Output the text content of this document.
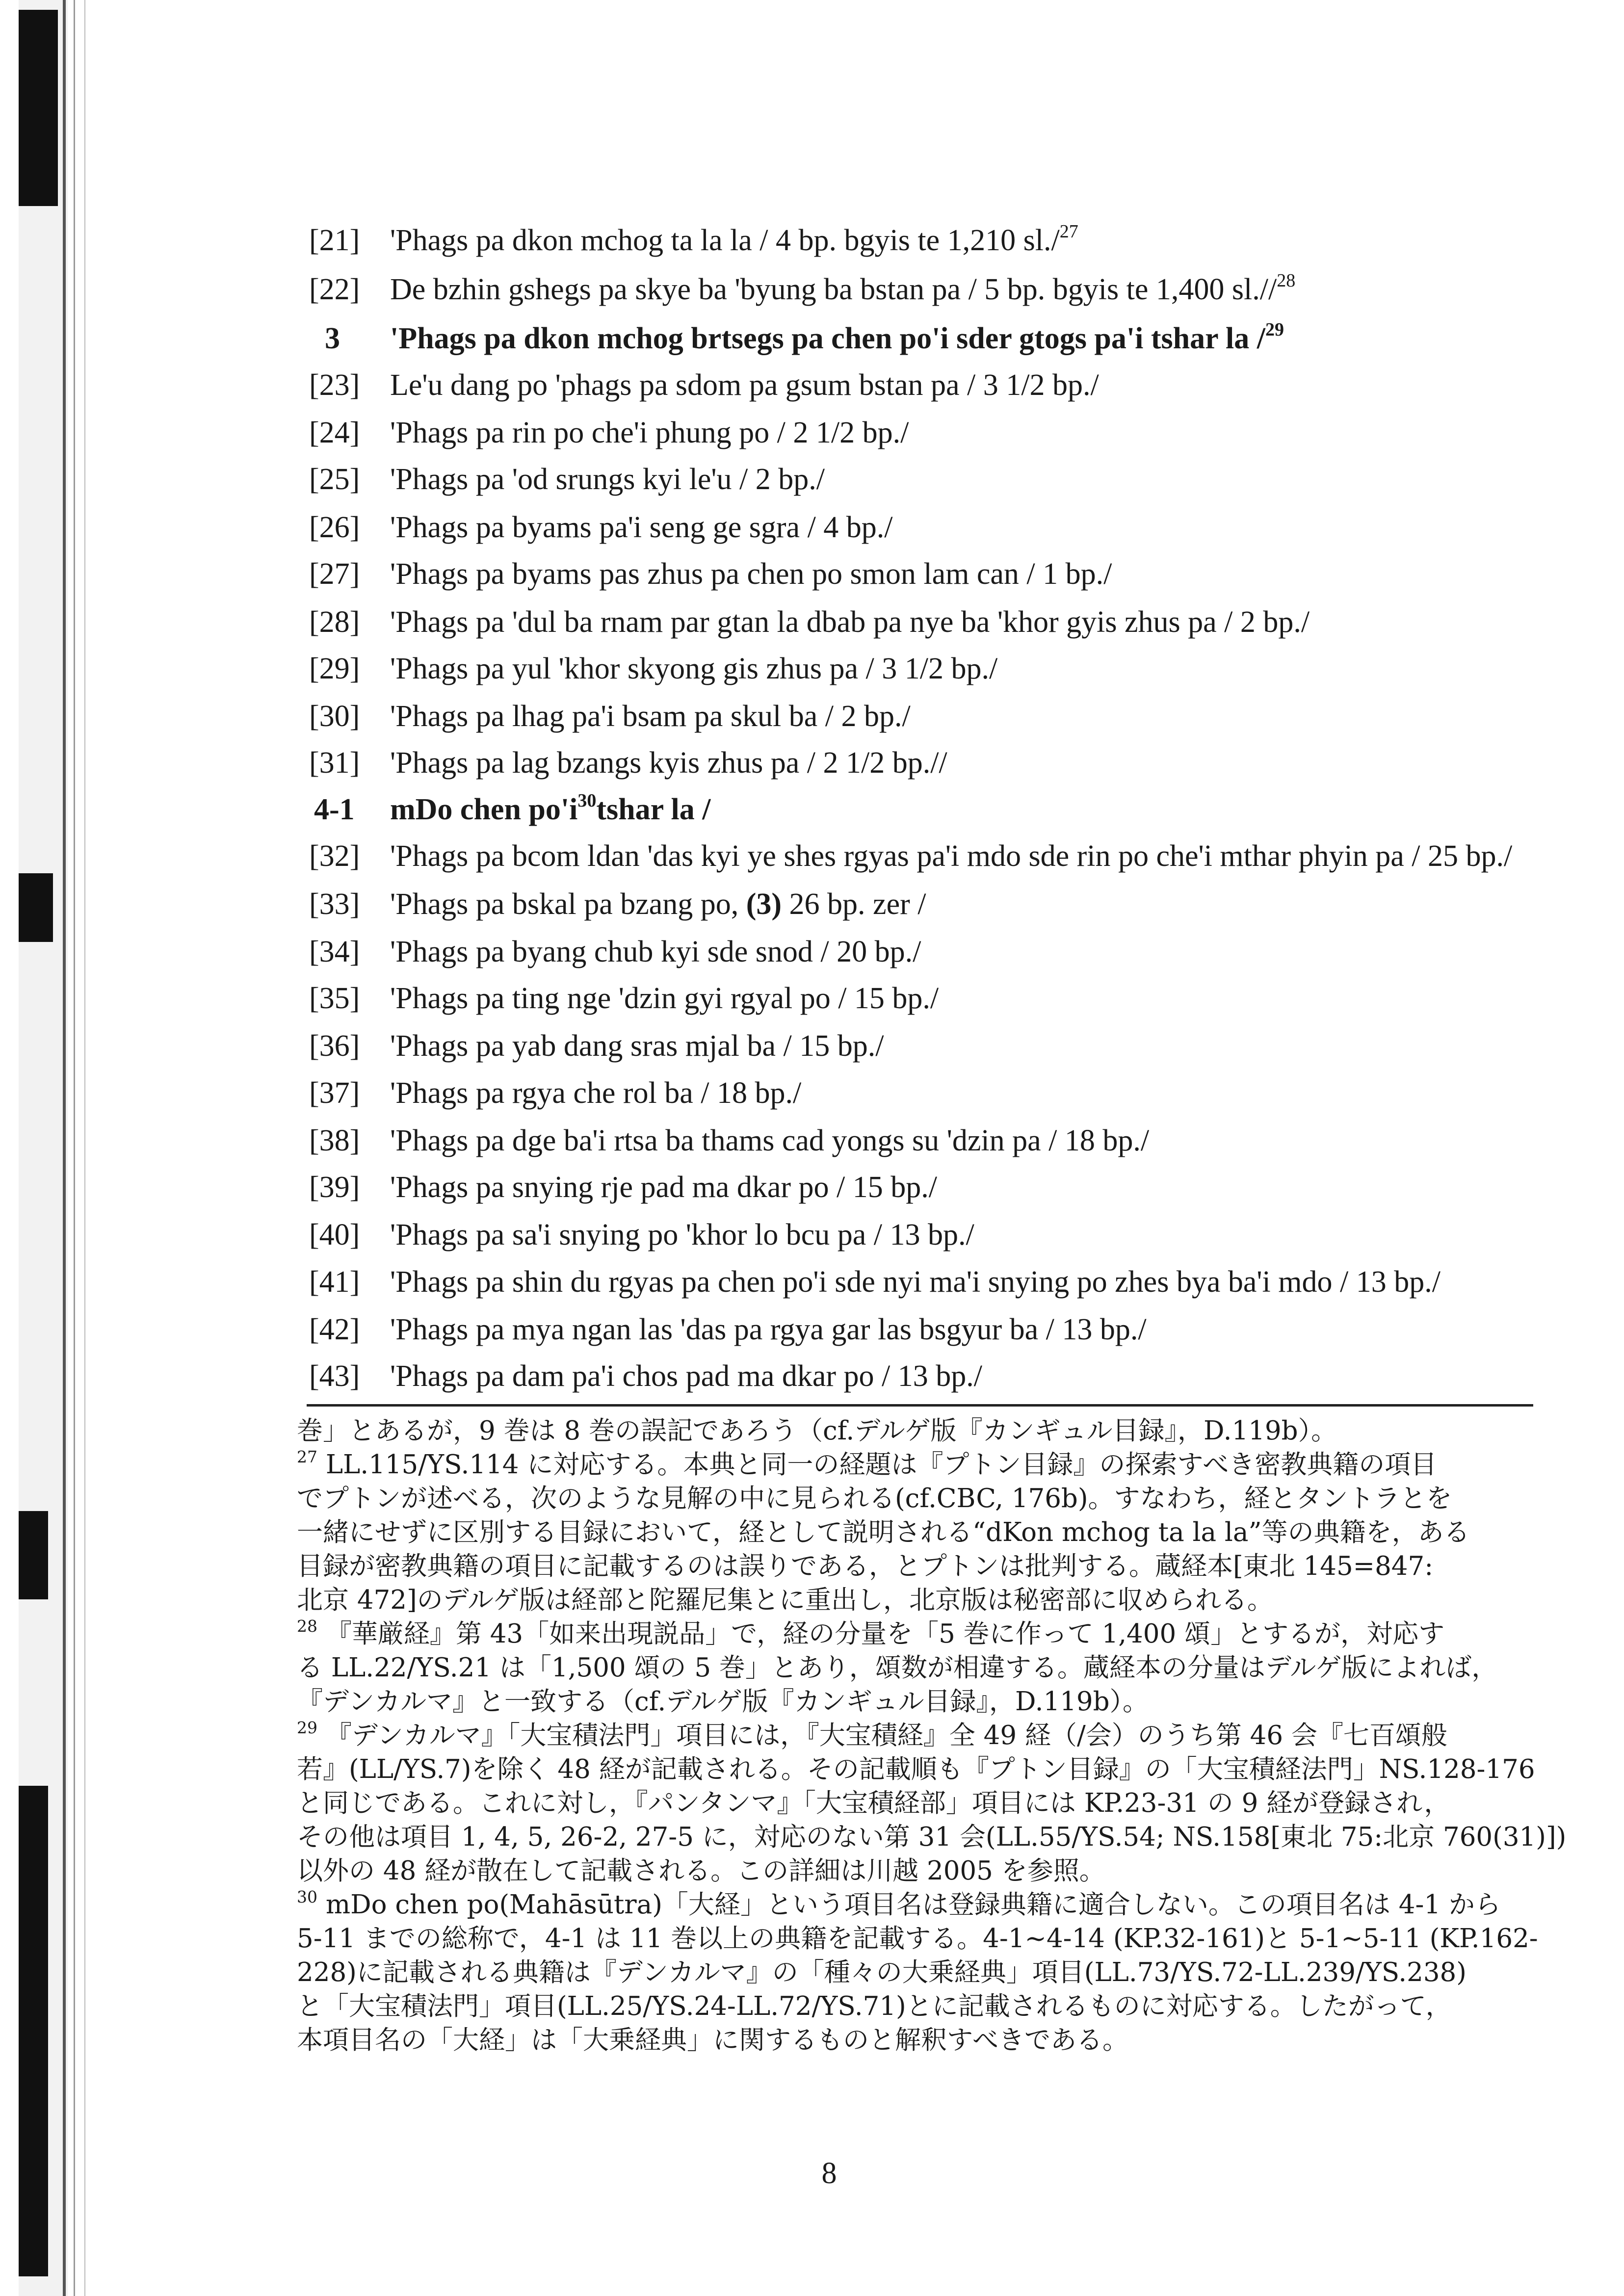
[21] 'Phags pa dkon mchog ta la la / 4 bp. bgyis te 1,210 sl./$^{27}$
[22] De bzhin gshegs pa skye ba 'byung ba bstan pa / 5 bp. bgyis te 1,400 sl.//$^{28}$
3 'Phags pa dkon mchog brtsegs pa chen po'i sder gtogs pa'i tshar la /$^{29}$
[23] Le'u dang po 'phags pa sdom pa gsum bstan pa / 3 1/2 bp./
[24] 'Phags pa rin po che'i phung po / 2 1/2 bp./
[25] 'Phags pa 'od srungs kyi le'u / 2 bp./
[26] 'Phags pa byams pa'i seng ge sgra / 4 bp./
[27] 'Phags pa byams pas zhus pa chen po smon lam can / 1 bp./
[28] 'Phags pa 'dul ba rnam par gtan la dbab pa nye ba 'khor gyis zhus pa / 2 bp./
[29] 'Phags pa yul 'khor skyong gis zhus pa / 3 1/2 bp./
[30] 'Phags pa lhag pa'i bsam pa skul ba / 2 bp./
[31] 'Phags pa lag bzangs kyis zhus pa / 2 1/2 bp.//
4-1 mDo chen $po'i^{30}tshar$ la /
[32] 'Phags pa bcom ldan 'das kyi ye shes rgyas pa'i mdo sde rin po che'i mthar phyin pa / 25 bp./
[33] 'Phags pa bskal pa bzang po, (3) 26 bp. zer /
[34] 'Phags pa byang chub kyi sde snod / 20 bp./
[35] 'Phags pa ting nge 'dzin gyi rgyal po / 15 bp./
[36] 'Phags pa yab dang sras mjal ba / 15 bp./
[37] 'Phags pa rgya che rol ba / 18 bp./
[38] 'Phags pa dge ba'i rtsa ba thams cad yongs su 'dzin pa / 18 bp./
[39] 'Phags pa snying rje pad ma dkar po / 15 bp./
[40] 'Phags pa sa'i snying po 'khor lo bcu pa / 13 bp./
[41] 'Phags pa shin du rgyas pa chen po'i sde nyi ma'i snying po zhes bya ba'i mdo / 13 bp./
[42] 'Phags pa mya ngan las 'das pa rgya gar las bsgyur ba / 13 bp./
[43] 'Phags pa dam pa'i chos pad ma dkar po / 13 bp./
巻」とあるが，9 巻は 8 巻の誤記であろう（cf.デルゲ版『カンギュル目録』，D.119b）。
$^{27}$ LL.115/YS.114 に対応する。本典と同一の経題は『プトン目録』の探索すべき密教典籍の項目
でプトンが述べる，次のような見解の中に見られる(cf.CBC, 176b)。すなわち，経とタントラとを
一緒にせずに区別する目録において，経として説明される“dKon mchog ta la la”等の典籍を，ある
目録が密教典籍の項目に記載するのは誤りである，とプトンは批判する。蔵経本[東北 145=847:
北京 472]のデルゲ版は経部と陀羅尼集とに重出し，北京版は秘密部に収められる。
$^{28}$ 『華厳経』第 43「如来出現説品」で，経の分量を「5 巻に作って 1,400 頌」とするが，対応す
る LL.22/YS.21 は「1,500 頌の 5 巻」とあり，頌数が相違する。蔵経本の分量はデルゲ版によれば，
『デンカルマ』と一致する（cf.デルゲ版『カンギュル目録』，D.119b）。
$^{29}$ 『デンカルマ』「大宝積法門」項目には，『大宝積経』全 49 経（/会）のうち第 46 会『七百頌般
若』(LL/YS.7)を除く 48 経が記載される。その記載順も『プトン目録』の「大宝積経法門」NS.128-176
と同じである。これに対し，『パンタンマ』「大宝積経部」項目には KP.23-31 の 9 経が登録され，
その他は項目 1, 4, 5, 26-2, 27-5 に，対応のない第 31 会(LL.55/YS.54; NS.158[東北 75:北京 760(31)])
以外の 48 経が散在して記載される。この詳細は川越 2005 を参照。
$^{30}$ mDo chen po(Mahāsūtra)「大経」という項目名は登録典籍に適合しない。この項目名は 4-1 から
5-11 までの総称で，4-1 は 11 巻以上の典籍を記載する。4-1~4-14 (KP.32-161)と 5-1~5-11 (KP.162-
228)に記載される典籍は『デンカルマ』の「種々の大乗経典」項目(LL.73/YS.72-LL.239/YS.238)
と「大宝積法門」項目(LL.25/YS.24-LL.72/YS.71)とに記載されるものに対応する。したがって，
本項目名の「大経」は「大乗経典」に関するものと解釈すべきである。
8
